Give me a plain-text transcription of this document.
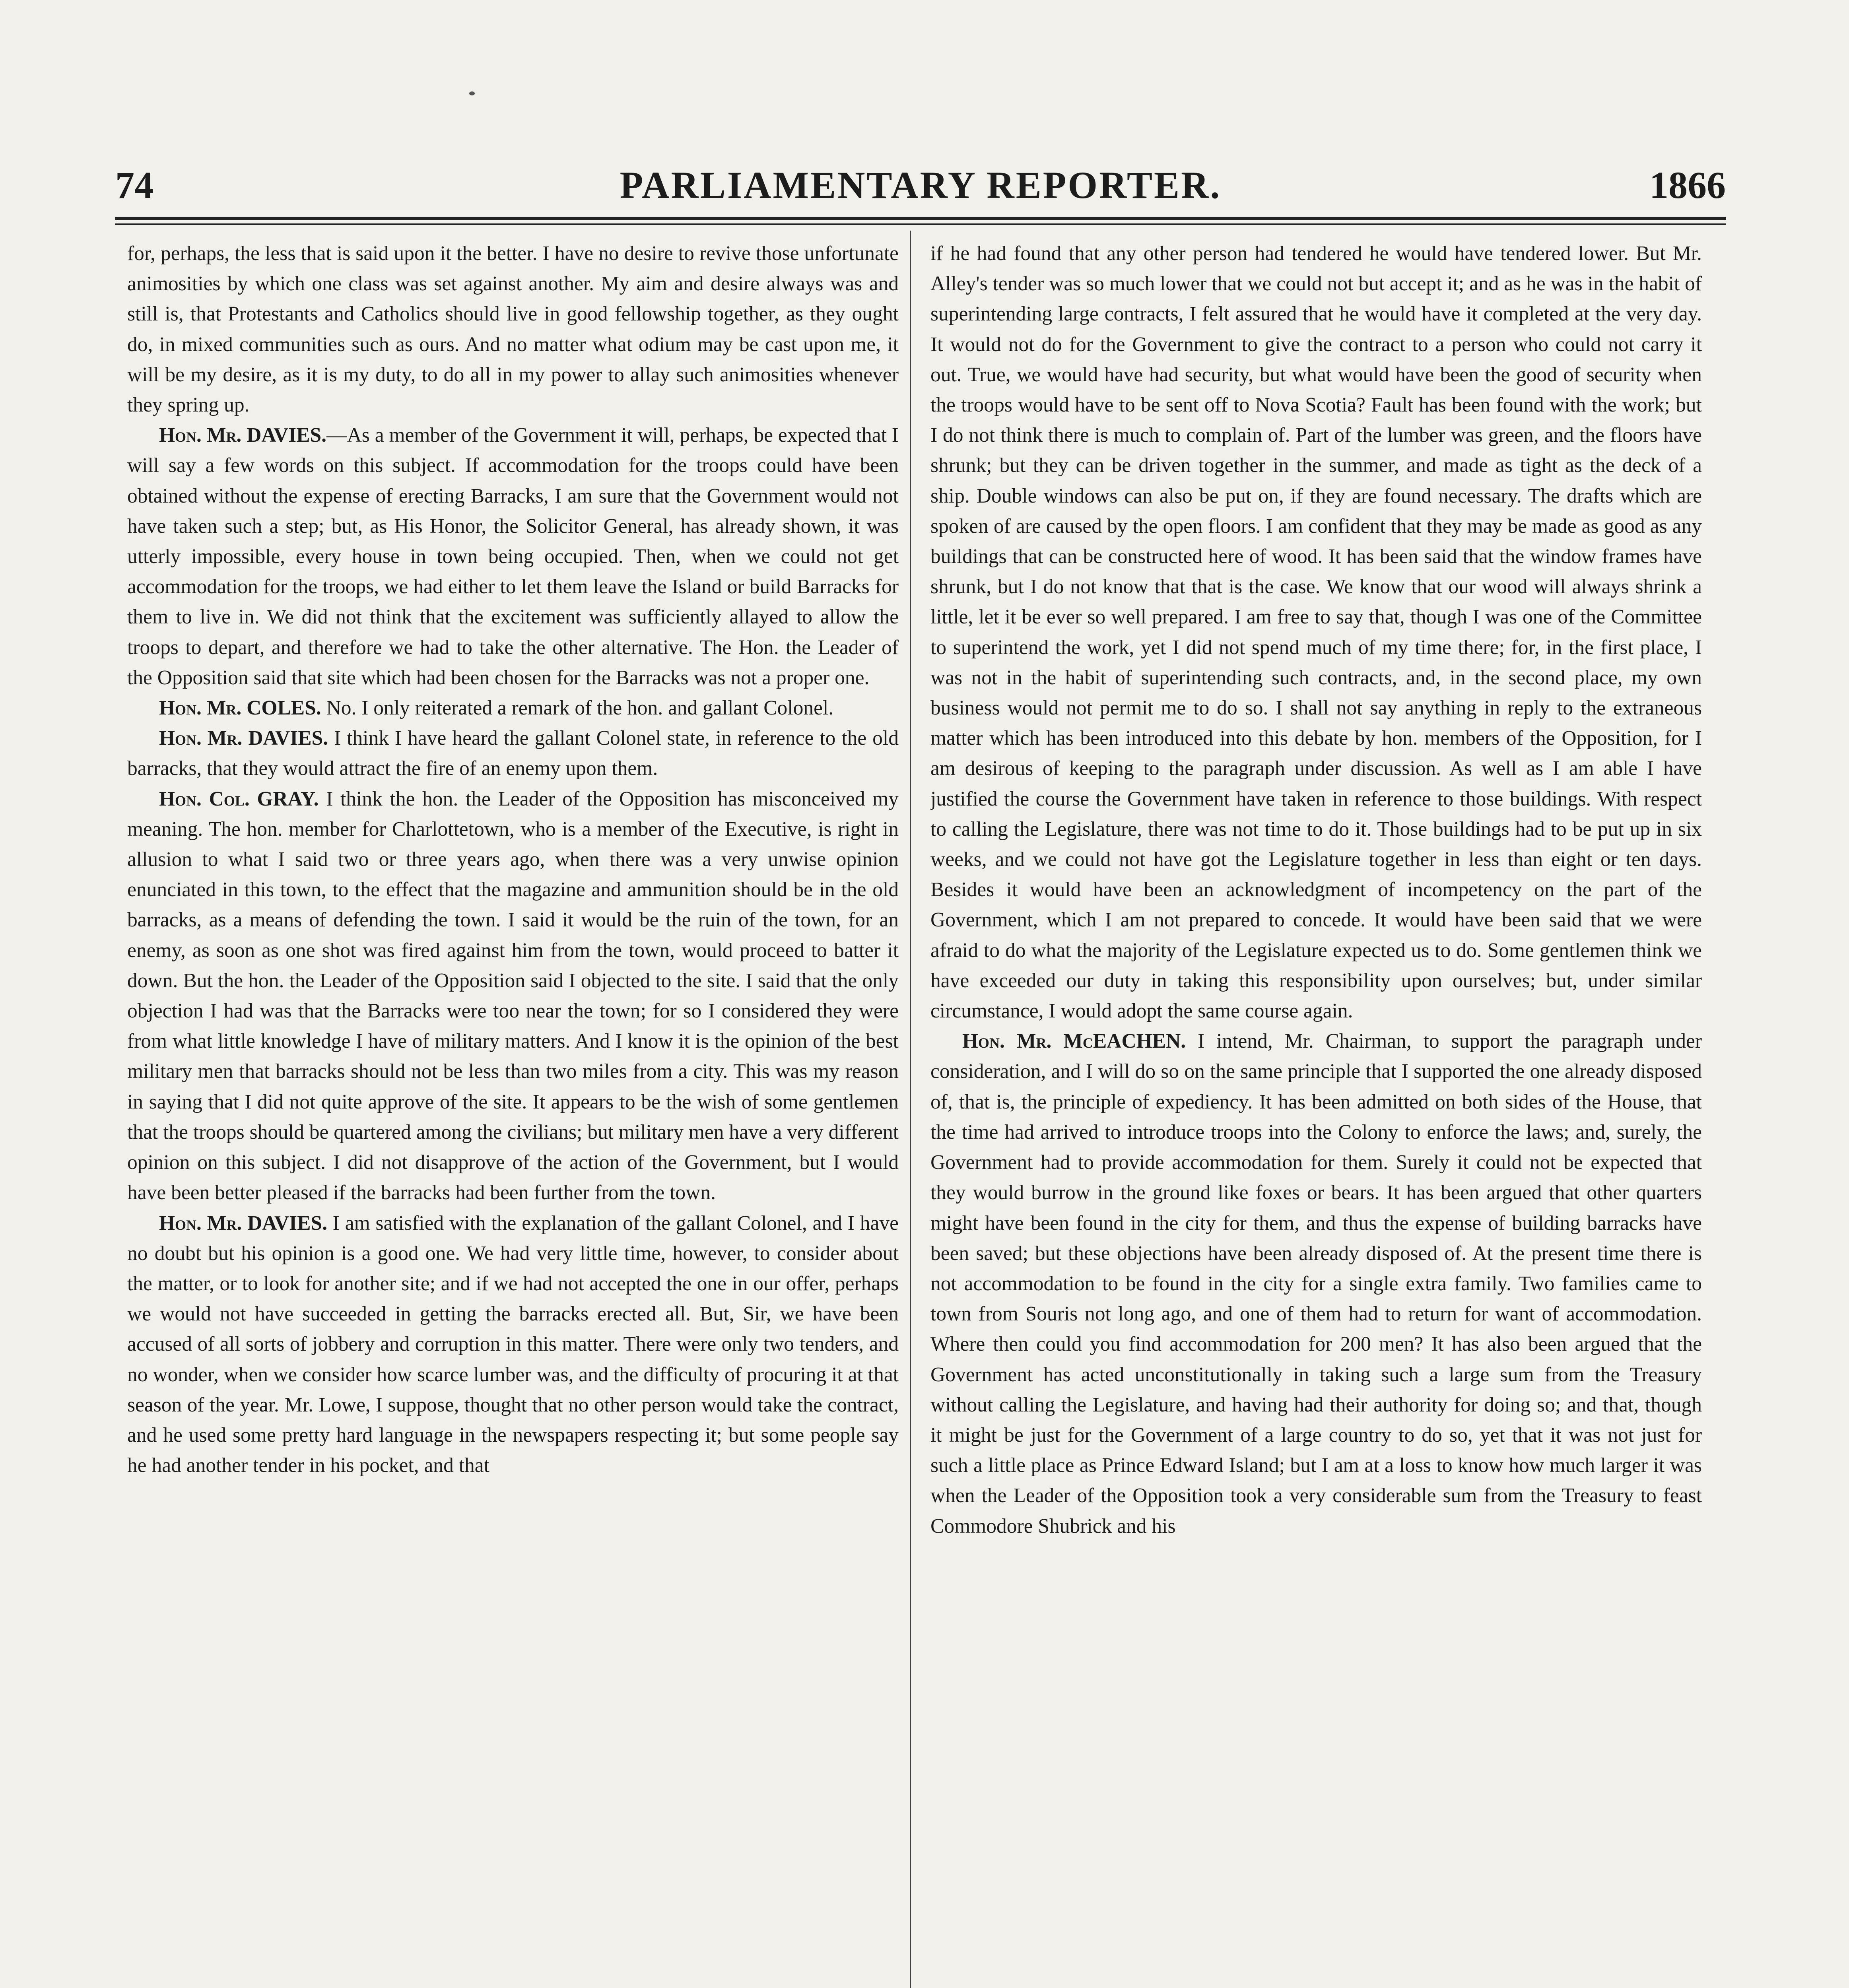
74	PARLIAMENTARY REPORTER.	1866

for, perhaps, the less that is said upon it the better. I have no desire to revive those unfortunate animosities by which one class was set against another. My aim and desire always was and still is, that Protestants and Catholics should live in good fellowship together, as they ought do, in mixed communities such as ours. And no matter what odium may be cast upon me, it will be my desire, as it is my duty, to do all in my power to allay such animosities whenever they spring up.

Hon. Mr. DAVIES.—As a member of the Government it will, perhaps, be expected that I will say a few words on this subject. If accommodation for the troops could have been obtained without the expense of erecting Barracks, I am sure that the Government would not have taken such a step; but, as His Honor, the Solicitor General, has already shown, it was utterly impossible, every house in town being occupied. Then, when we could not get accommodation for the troops, we had either to let them leave the Island or build Barracks for them to live in. We did not think that the excitement was sufficiently allayed to allow the troops to depart, and therefore we had to take the other alternative. The Hon. the Leader of the Opposition said that site which had been chosen for the Barracks was not a proper one.

Hon. Mr. COLES. No. I only reiterated a remark of the hon. and gallant Colonel.

Hon. Mr. DAVIES. I think I have heard the gallant Colonel state, in reference to the old barracks, that they would attract the fire of an enemy upon them.

Hon. Col. GRAY. I think the hon. the Leader of the Opposition has misconceived my meaning. The hon. member for Charlottetown, who is a member of the Executive, is right in allusion to what I said two or three years ago, when there was a very unwise opinion enunciated in this town, to the effect that the magazine and ammunition should be in the old barracks, as a means of defending the town. I said it would be the ruin of the town, for an enemy, as soon as one shot was fired against him from the town, would proceed to batter it down. But the hon. the Leader of the Opposition said I objected to the site. I said that the only objection I had was that the Barracks were too near the town; for so I considered they were from what little knowledge I have of military matters. And I know it is the opinion of the best military men that barracks should not be less than two miles from a city. This was my reason in saying that I did not quite approve of the site. It appears to be the wish of some gentlemen that the troops should be quartered among the civilians; but military men have a very different opinion on this subject. I did not disapprove of the action of the Government, but I would have been better pleased if the barracks had been further from the town.

Hon. Mr. DAVIES. I am satisfied with the explanation of the gallant Colonel, and I have no doubt but his opinion is a good one. We had very little time, however, to consider about the matter, or to look for another site; and if we had not accepted the one in our offer, perhaps we would not have succeeded in getting the barracks erected all. But, Sir, we have been accused of all sorts of jobbery and corruption in this matter. There were only two tenders, and no wonder, when we consider how scarce lumber was, and the difficulty of procuring it at that season of the year. Mr. Lowe, I suppose, thought that no other person would take the contract, and he used some pretty hard language in the newspapers respecting it; but some people say he had another tender in his pocket, and that

if he had found that any other person had tendered he would have tendered lower. But Mr. Alley's tender was so much lower that we could not but accept it; and as he was in the habit of superintending large contracts, I felt assured that he would have it completed at the very day. It would not do for the Government to give the contract to a person who could not carry it out. True, we would have had security, but what would have been the good of security when the troops would have to be sent off to Nova Scotia? Fault has been found with the work; but I do not think there is much to complain of. Part of the lumber was green, and the floors have shrunk; but they can be driven together in the summer, and made as tight as the deck of a ship. Double windows can also be put on, if they are found necessary. The drafts which are spoken of are caused by the open floors. I am confident that they may be made as good as any buildings that can be constructed here of wood. It has been said that the window frames have shrunk, but I do not know that that is the case. We know that our wood will always shrink a little, let it be ever so well prepared. I am free to say that, though I was one of the Committee to superintend the work, yet I did not spend much of my time there; for, in the first place, I was not in the habit of superintending such contracts, and, in the second place, my own business would not permit me to do so. I shall not say anything in reply to the extraneous matter which has been introduced into this debate by hon. members of the Opposition, for I am desirous of keeping to the paragraph under discussion. As well as I am able I have justified the course the Government have taken in reference to those buildings. With respect to calling the Legislature, there was not time to do it. Those buildings had to be put up in six weeks, and we could not have got the Legislature together in less than eight or ten days. Besides it would have been an acknowledgment of incompetency on the part of the Government, which I am not prepared to concede. It would have been said that we were afraid to do what the majority of the Legislature expected us to do. Some gentlemen think we have exceeded our duty in taking this responsibility upon ourselves; but, under similar circumstance, I would adopt the same course again.

Hon. Mr. McEACHEN. I intend, Mr. Chairman, to support the paragraph under consideration, and I will do so on the same principle that I supported the one already disposed of, that is, the principle of expediency. It has been admitted on both sides of the House, that the time had arrived to introduce troops into the Colony to enforce the laws; and, surely, the Government had to provide accommodation for them. Surely it could not be expected that they would burrow in the ground like foxes or bears. It has been argued that other quarters might have been found in the city for them, and thus the expense of building barracks have been saved; but these objections have been already disposed of. At the present time there is not accommodation to be found in the city for a single extra family. Two families came to town from Souris not long ago, and one of them had to return for want of accommodation. Where then could you find accommodation for 200 men? It has also been argued that the Government has acted unconstitutionally in taking such a large sum from the Treasury without calling the Legislature, and having had their authority for doing so; and that, though it might be just for the Government of a large country to do so, yet that it was not just for such a little place as Prince Edward Island; but I am at a loss to know how much larger it was when the Leader of the Opposition took a very considerable sum from the Treasury to feast Commodore Shubrick and his
